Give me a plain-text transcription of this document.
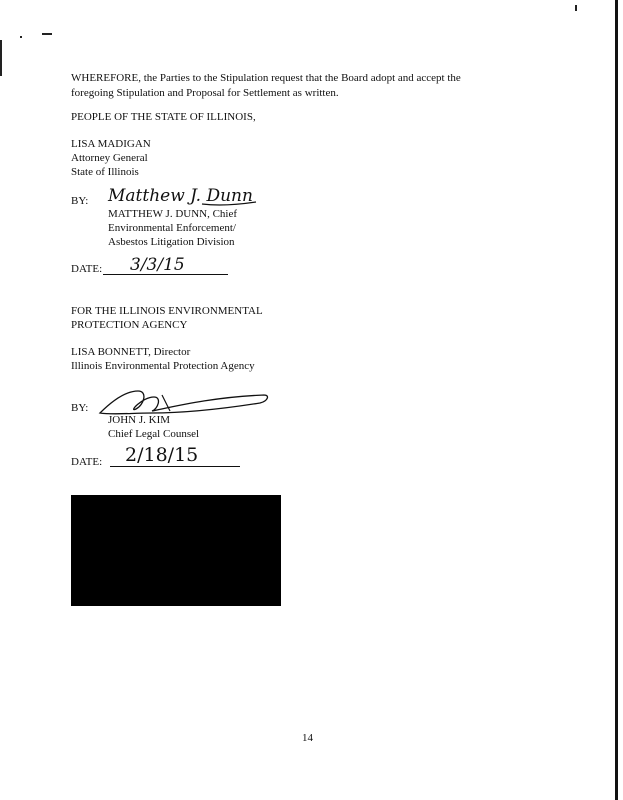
WHEREFORE, the Parties to the Stipulation request that the Board adopt and accept the
foregoing Stipulation and Proposal for Settlement as written.
PEOPLE OF THE STATE OF ILLINOIS,
LISA MADIGAN
Attorney General
State of Illinois
BY: Matthew J. Dunn
MATTHEW J. DUNN, Chief
Environmental Enforcement/
Asbestos Litigation Division
DATE: 3/3/15
FOR THE ILLINOIS ENVIRONMENTAL
PROTECTION AGENCY
LISA BONNETT, Director
Illinois Environmental Protection Agency
BY:
JOHN J. KIM
Chief Legal Counsel
DATE: 2/18/15
14
